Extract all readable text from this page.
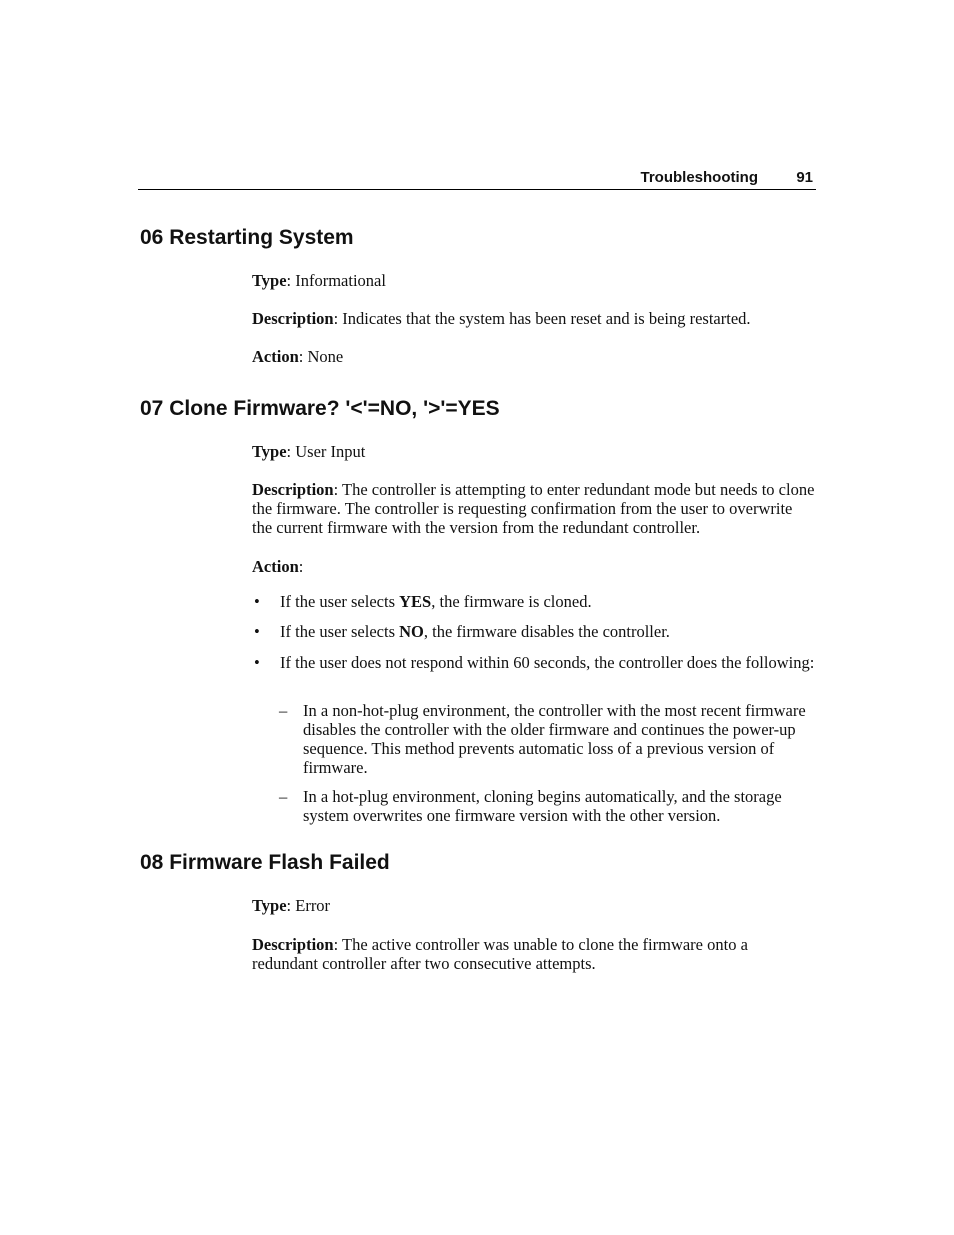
Troubleshooting	91
06 Restarting System

Type: Informational

Description: Indicates that the system has been reset and is being restarted.

Action: None

07 Clone Firmware? '<'=NO, '>'=YES

Type: User Input

Description: The controller is attempting to enter redundant mode but needs to clone the firmware. The controller is requesting confirmation from the user to overwrite the current firmware with the version from the redundant controller.

Action:

• If the user selects YES, the firmware is cloned.

• If the user selects NO, the firmware disables the controller.

• If the user does not respond within 60 seconds, the controller does the following:

– In a non-hot-plug environment, the controller with the most recent firmware disables the controller with the older firmware and continues the power-up sequence. This method prevents automatic loss of a previous version of firmware.

– In a hot-plug environment, cloning begins automatically, and the storage system overwrites one firmware version with the other version.

08 Firmware Flash Failed

Type: Error

Description: The active controller was unable to clone the firmware onto a redundant controller after two consecutive attempts.
